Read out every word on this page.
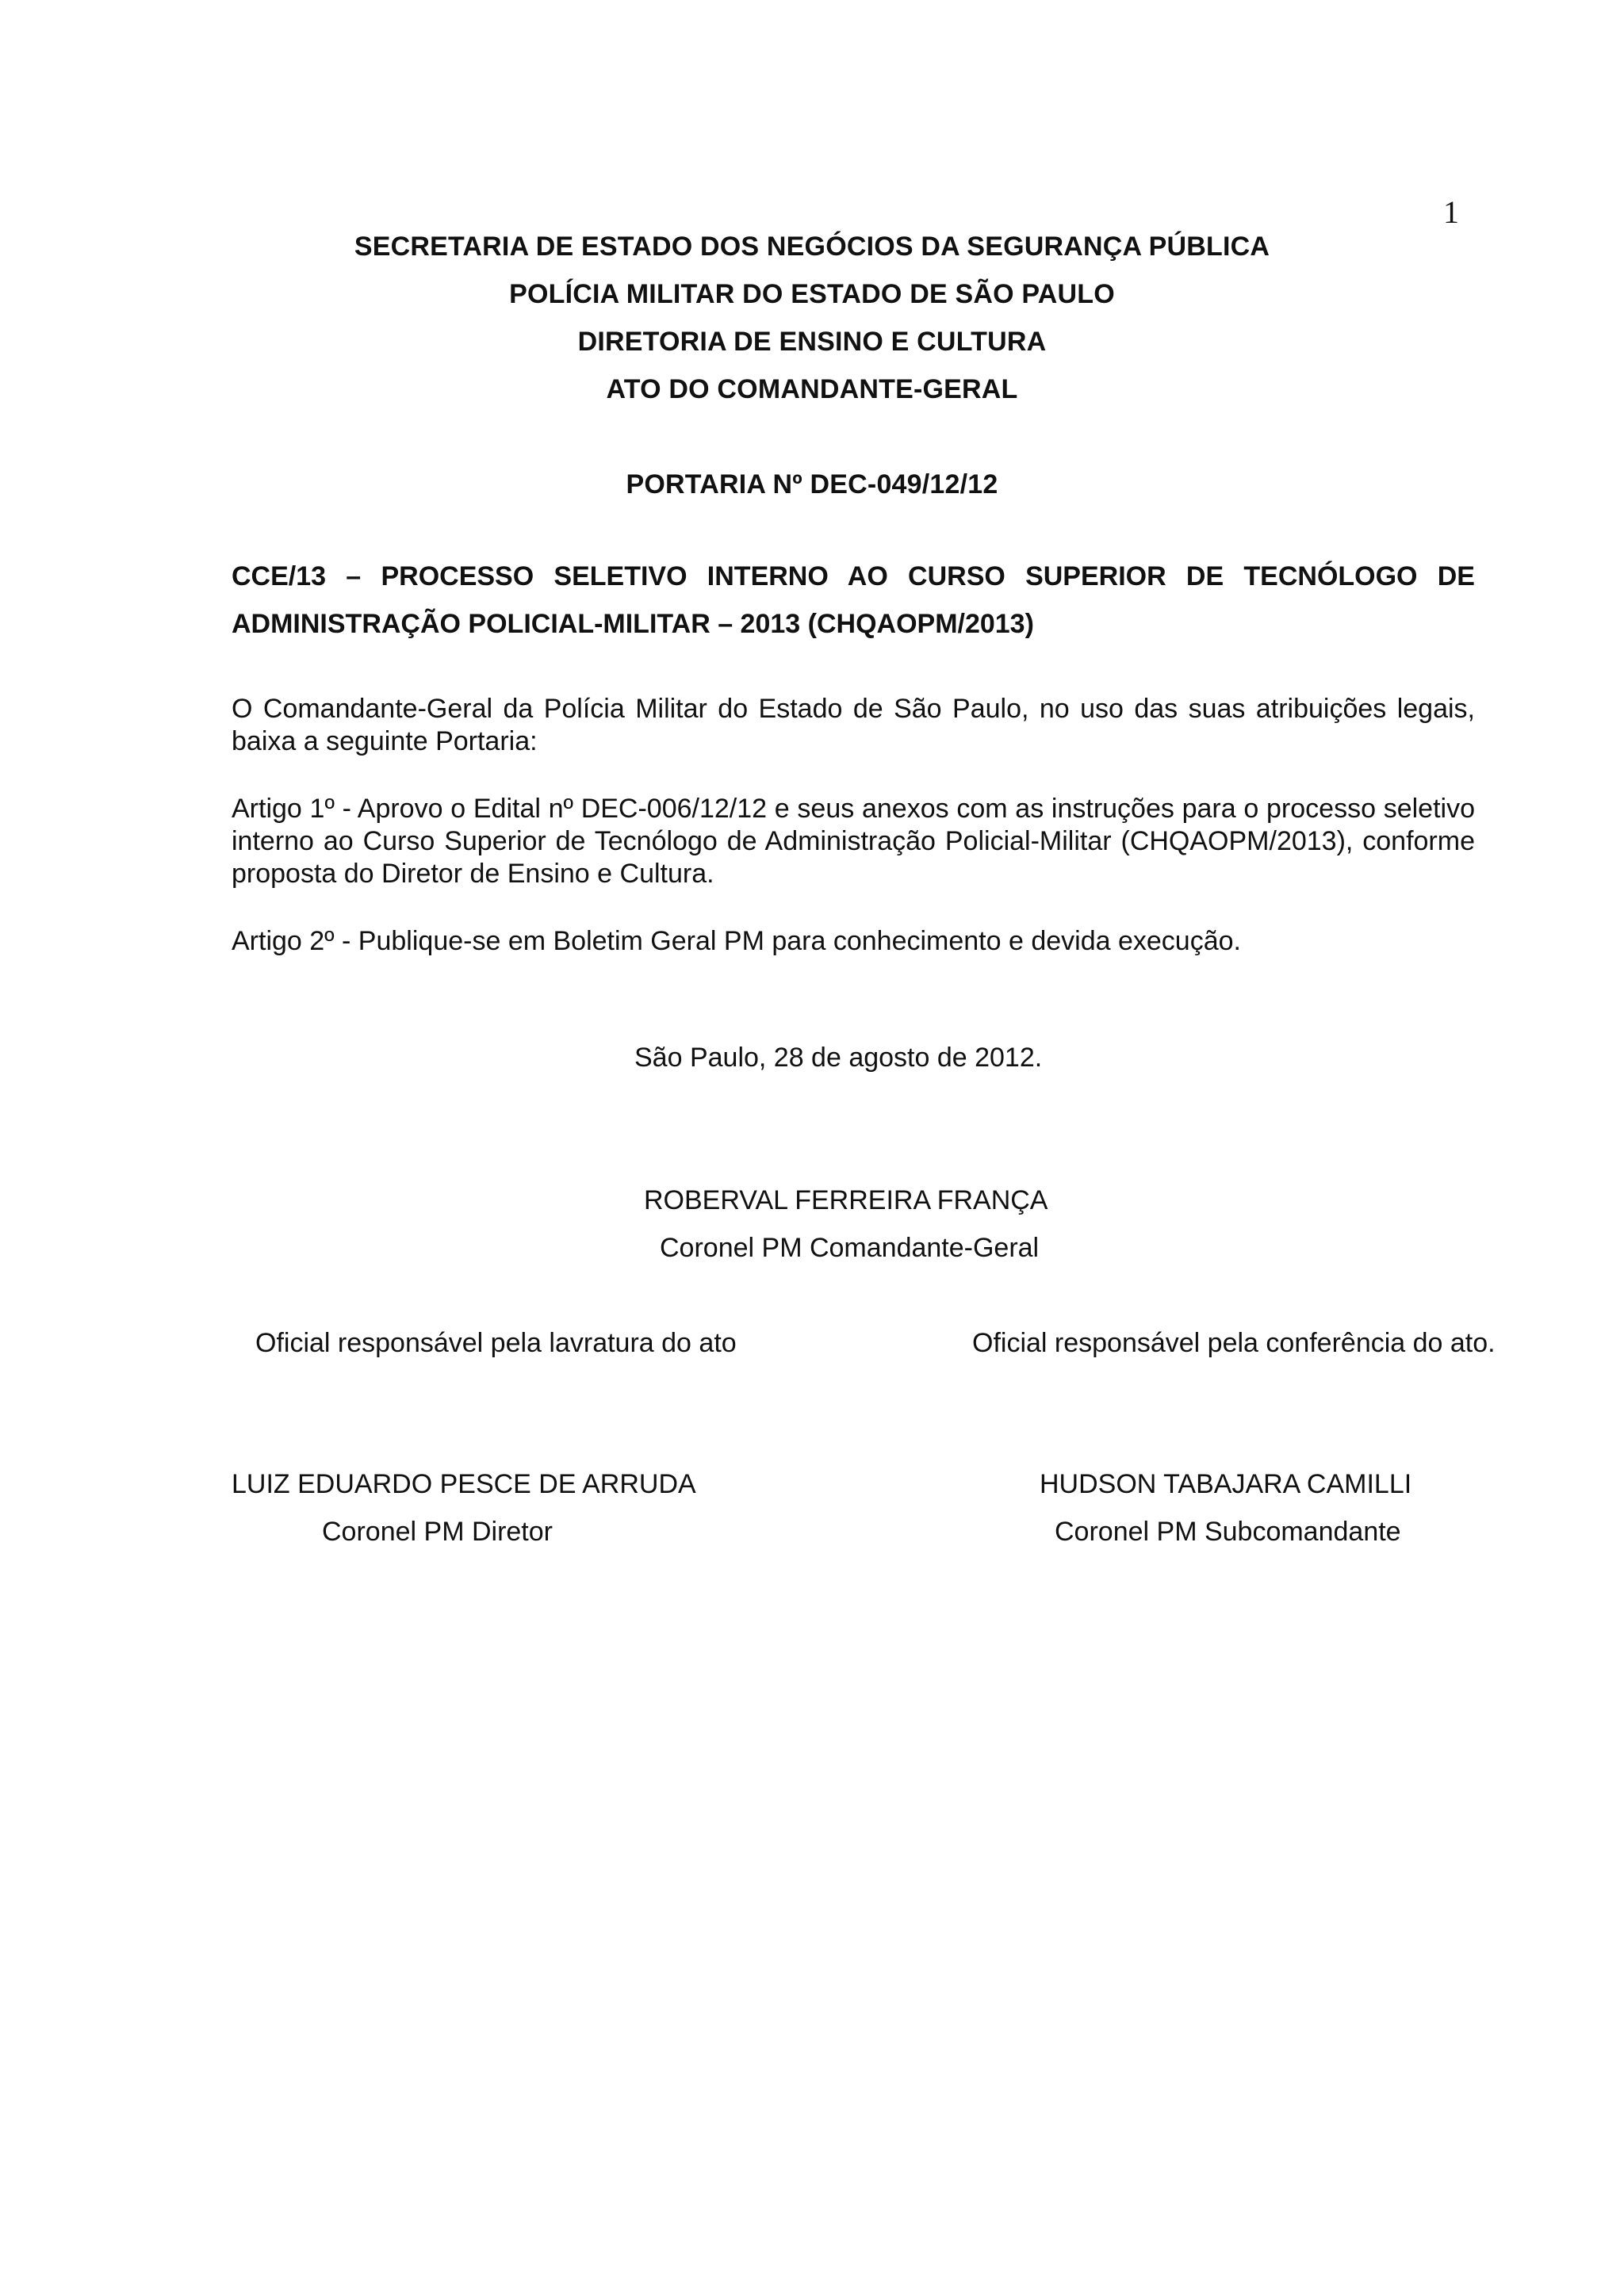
1
SECRETARIA DE ESTADO DOS NEGÓCIOS DA SEGURANÇA PÚBLICA
POLÍCIA MILITAR DO ESTADO DE SÃO PAULO
DIRETORIA DE ENSINO E CULTURA
ATO DO COMANDANTE-GERAL
PORTARIA Nº DEC-049/12/12
CCE/13 – PROCESSO SELETIVO INTERNO AO CURSO SUPERIOR DE TECNÓLOGO DE
ADMINISTRAÇÃO POLICIAL-MILITAR – 2013 (CHQAOPM/2013)
O Comandante-Geral da Polícia Militar do Estado de São Paulo, no uso das suas atribuições legais, baixa a seguinte Portaria:
Artigo 1º - Aprovo o Edital nº DEC-006/12/12 e seus anexos com as instruções para o processo seletivo interno ao Curso Superior de Tecnólogo de Administração Policial-Militar (CHQAOPM/2013), conforme proposta do Diretor de Ensino e Cultura.
Artigo 2º - Publique-se em Boletim Geral PM para conhecimento e devida execução.
São Paulo, 28 de agosto de 2012.
ROBERVAL FERREIRA FRANÇA
Coronel PM Comandante-Geral
Oficial responsável pela lavratura do ato	Oficial responsável pela conferência do ato.
LUIZ EDUARDO PESCE DE ARRUDA
Coronel PM Diretor
HUDSON TABAJARA CAMILLI
Coronel PM Subcomandante
